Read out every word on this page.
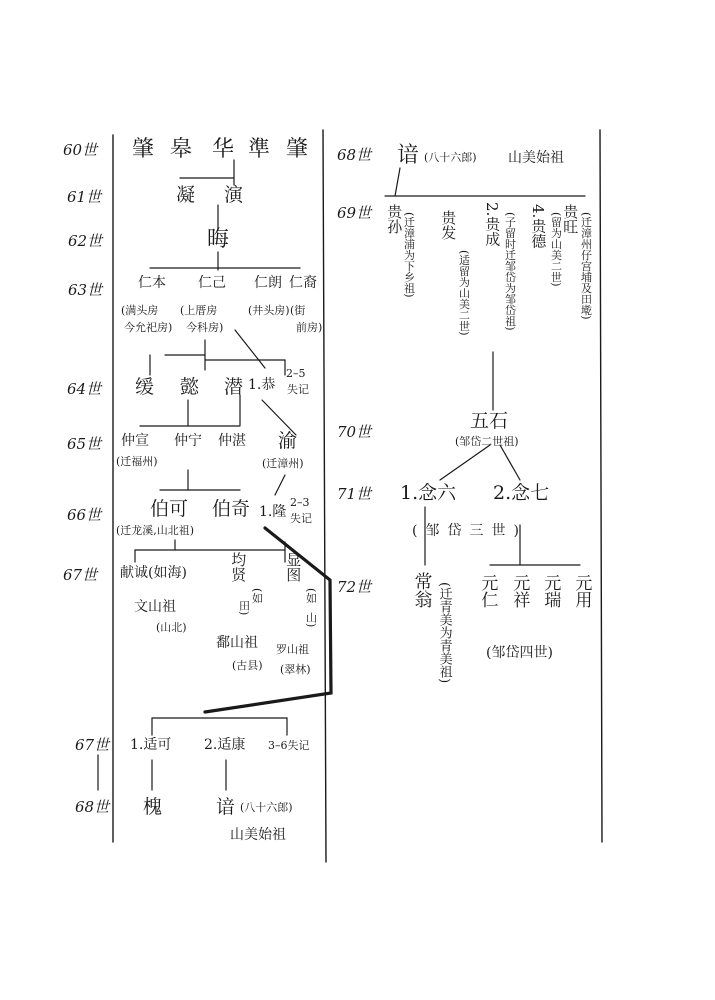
60世
61世
62世
63世
64世
65世
66世
67世
67世
68世
68世
69世
70世
71世
72世
肇 皋 华 準 肇
凝 演
晦
仁本 仁己 仁朗 仁裔
(满头房
今允祀房)
(上厝房
今科房)
(井头房) (街
前房)
缓 懿 潜 1.恭
2–5
失记
仲宣
(迁福州)
仲宁 仲湛 渝
(迁漳州)
伯可
(迁龙溪,山北祖)
伯奇 1.隆
2–3
失记
献诚(如海)
文山祖
(山北)
均贤
(如
田)
鄱山祖
(古县)
显图
(如
山)
罗山祖
(翠林)
1.适可 2.适康 3–6失记
槐	谙 (八十六郎)
山美始祖
谙 (八十六郎) 山美始祖
贵孙 (迁漳浦为下乡祖) 贵发
(适留为山美二世)
2.贵成 (子留时迁邹岱为邹岱祖) 4.贵德 (留为山美二世)
贵旺 (迁漳州仔宫埔及田墘)
五石
(邹岱二世祖)
1.念六 2.念七
(邹岱三世)
常翁 (迁青美为青美祖) 元仁 元祥 元瑞 元用
(邹岱四世)
